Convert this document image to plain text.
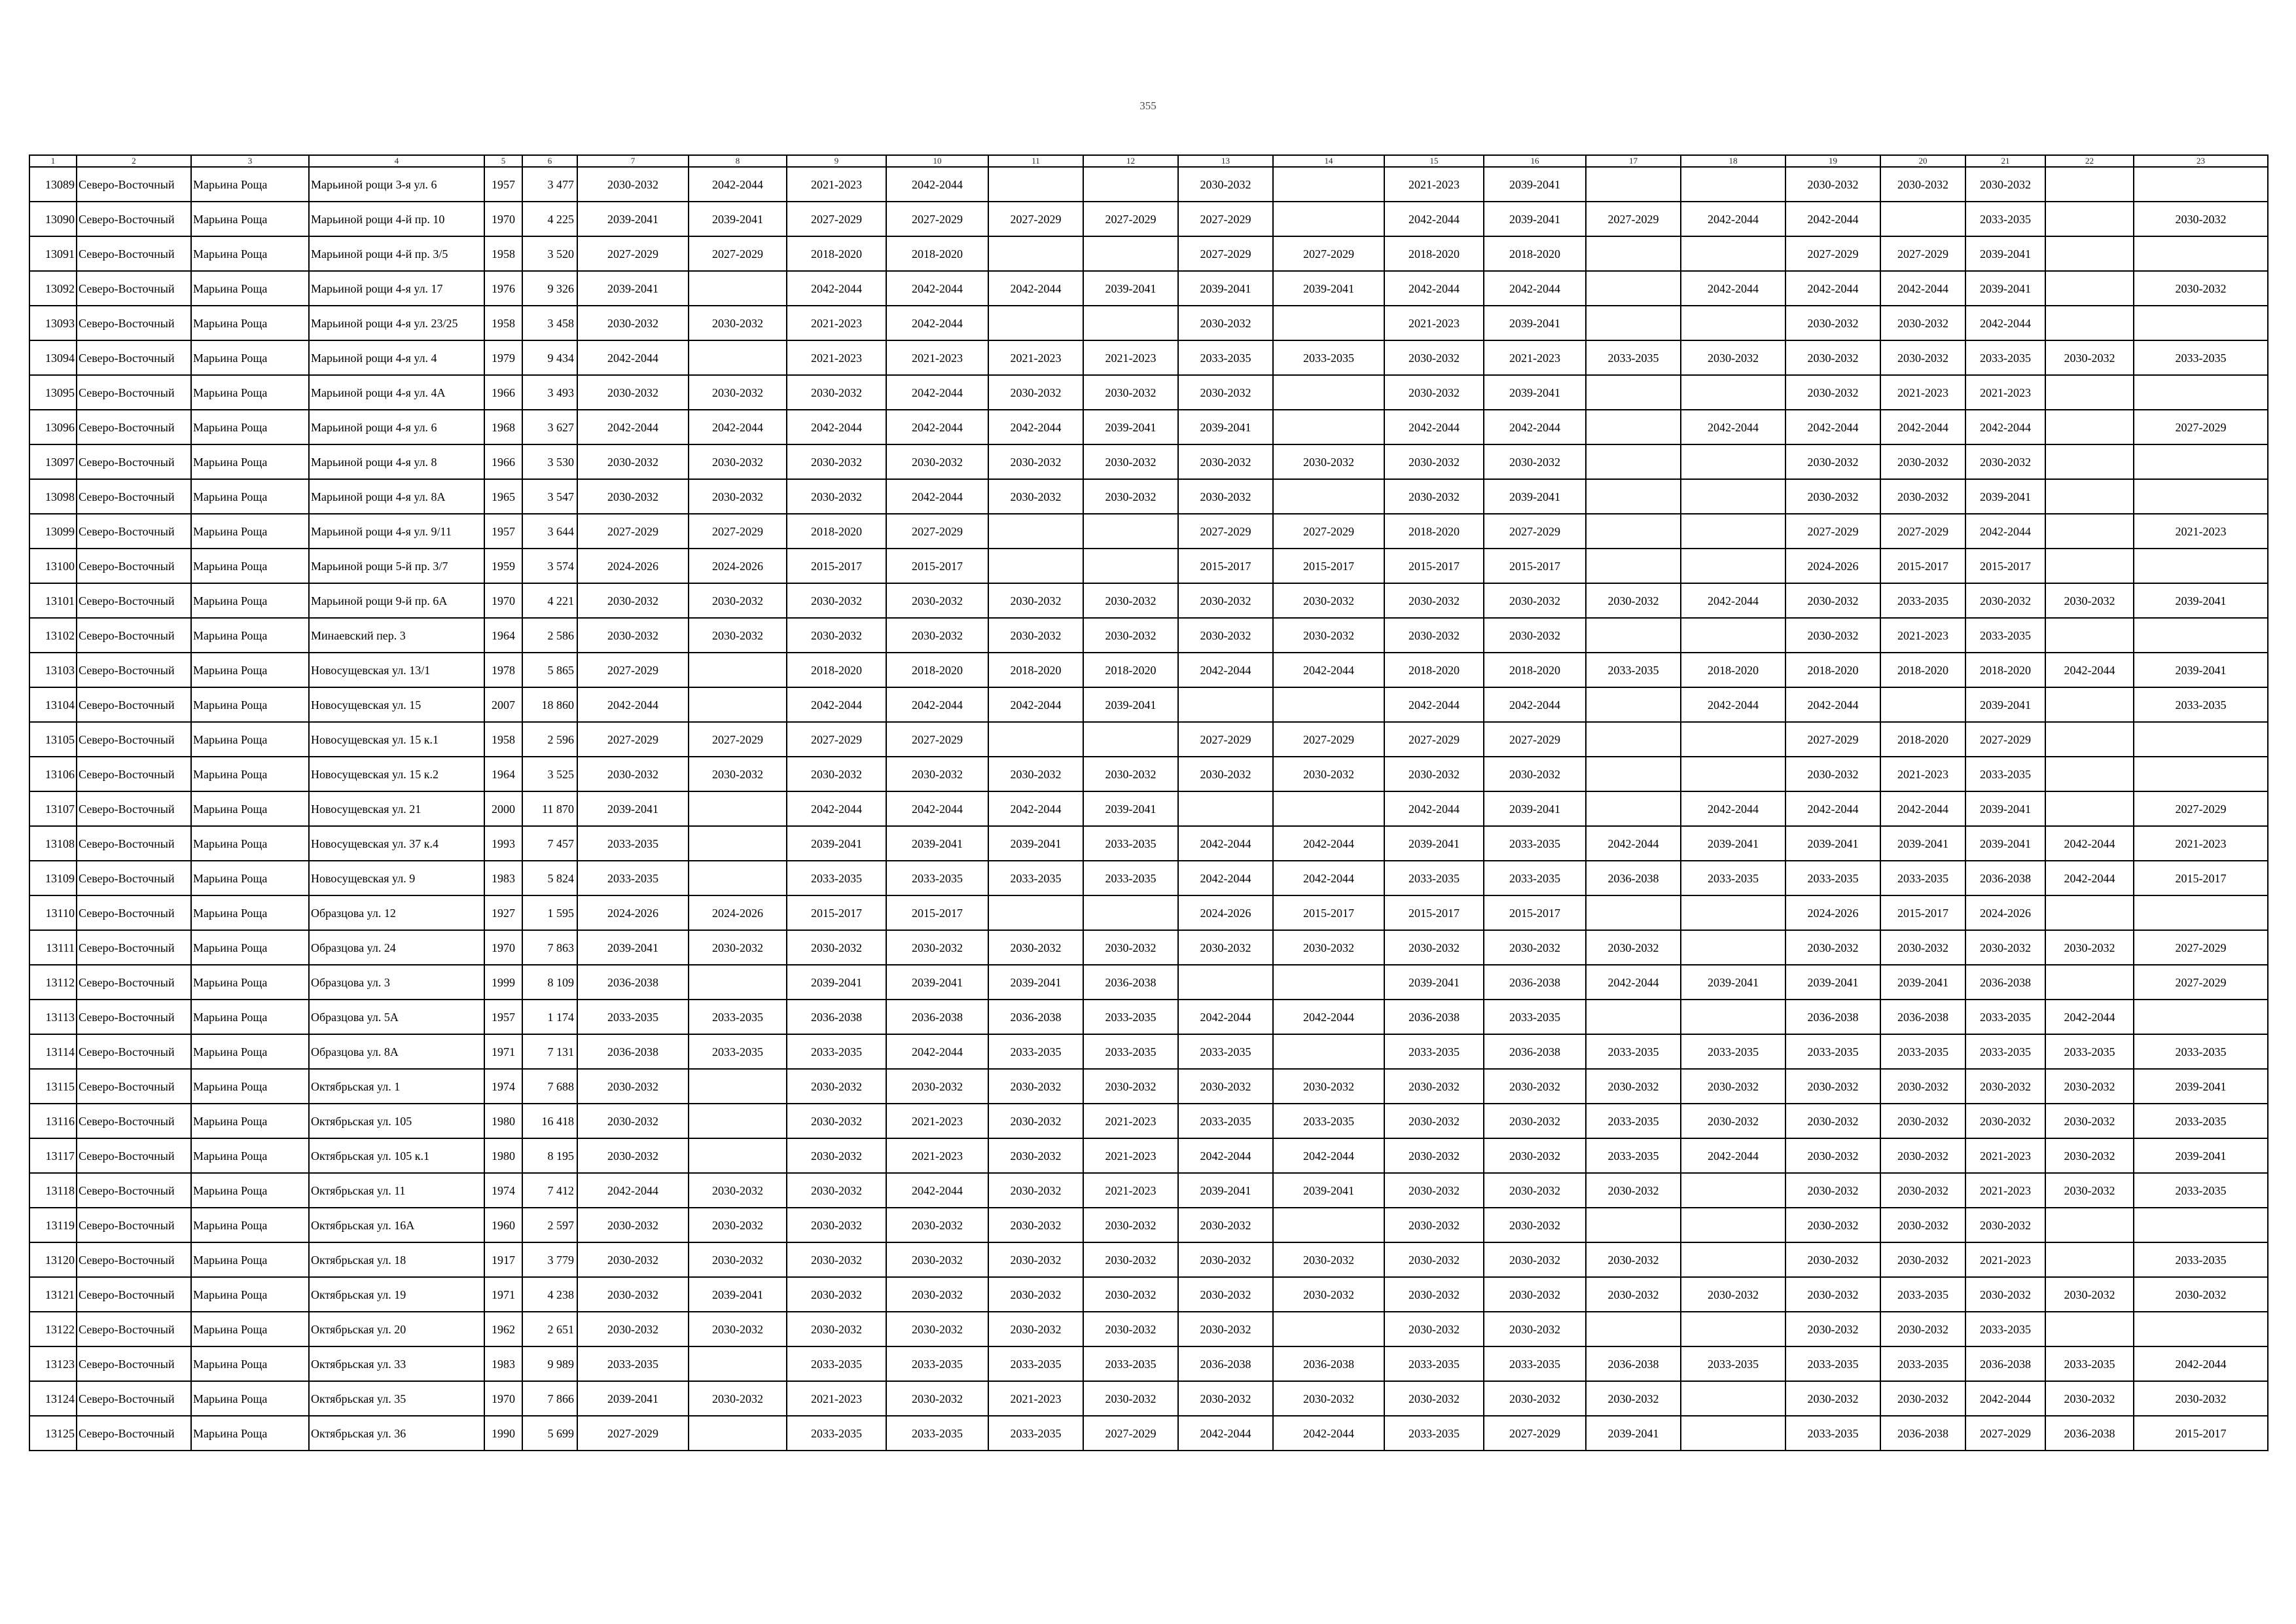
355
1	2	3	4	5	6	7	8	9	10	11	12	13	14	15	16	17	18	19	20	21	22	23
13089	Северо-Восточный	Марьина Роща	Марьиной рощи 3-я ул. 6	1957	3 477	2030-2032	2042-2044	2021-2023	2042-2044			2030-2032		2021-2023	2039-2041			2030-2032	2030-2032	2030-2032		
13090	Северо-Восточный	Марьина Роща	Марьиной рощи 4-й пр. 10	1970	4 225	2039-2041	2039-2041	2027-2029	2027-2029	2027-2029	2027-2029	2027-2029		2042-2044	2039-2041	2027-2029	2042-2044	2042-2044		2033-2035		2030-2032
13091	Северо-Восточный	Марьина Роща	Марьиной рощи 4-й пр. 3/5	1958	3 520	2027-2029	2027-2029	2018-2020	2018-2020			2027-2029	2027-2029	2018-2020	2018-2020			2027-2029	2027-2029	2039-2041		
13092	Северо-Восточный	Марьина Роща	Марьиной рощи 4-я ул. 17	1976	9 326	2039-2041		2042-2044	2042-2044	2042-2044	2039-2041	2039-2041	2039-2041	2042-2044	2042-2044		2042-2044	2042-2044	2042-2044	2039-2041		2030-2032
13093	Северо-Восточный	Марьина Роща	Марьиной рощи 4-я ул. 23/25	1958	3 458	2030-2032	2030-2032	2021-2023	2042-2044			2030-2032		2021-2023	2039-2041			2030-2032	2030-2032	2042-2044		
13094	Северо-Восточный	Марьина Роща	Марьиной рощи 4-я ул. 4	1979	9 434	2042-2044		2021-2023	2021-2023	2021-2023	2021-2023	2033-2035	2033-2035	2030-2032	2021-2023	2033-2035	2030-2032	2030-2032	2030-2032	2033-2035	2030-2032	2033-2035
13095	Северо-Восточный	Марьина Роща	Марьиной рощи 4-я ул. 4А	1966	3 493	2030-2032	2030-2032	2030-2032	2042-2044	2030-2032	2030-2032	2030-2032		2030-2032	2039-2041			2030-2032	2021-2023	2021-2023		
13096	Северо-Восточный	Марьина Роща	Марьиной рощи 4-я ул. 6	1968	3 627	2042-2044	2042-2044	2042-2044	2042-2044	2042-2044	2039-2041	2039-2041		2042-2044	2042-2044		2042-2044	2042-2044	2042-2044	2042-2044		2027-2029
13097	Северо-Восточный	Марьина Роща	Марьиной рощи 4-я ул. 8	1966	3 530	2030-2032	2030-2032	2030-2032	2030-2032	2030-2032	2030-2032	2030-2032	2030-2032	2030-2032	2030-2032			2030-2032	2030-2032	2030-2032		
13098	Северо-Восточный	Марьина Роща	Марьиной рощи 4-я ул. 8А	1965	3 547	2030-2032	2030-2032	2030-2032	2042-2044	2030-2032	2030-2032	2030-2032		2030-2032	2039-2041			2030-2032	2030-2032	2039-2041		
13099	Северо-Восточный	Марьина Роща	Марьиной рощи 4-я ул. 9/11	1957	3 644	2027-2029	2027-2029	2018-2020	2027-2029			2027-2029	2027-2029	2018-2020	2027-2029			2027-2029	2027-2029	2042-2044		2021-2023
13100	Северо-Восточный	Марьина Роща	Марьиной рощи 5-й пр. 3/7	1959	3 574	2024-2026	2024-2026	2015-2017	2015-2017			2015-2017	2015-2017	2015-2017	2015-2017			2024-2026	2015-2017	2015-2017		
13101	Северо-Восточный	Марьина Роща	Марьиной рощи 9-й пр. 6А	1970	4 221	2030-2032	2030-2032	2030-2032	2030-2032	2030-2032	2030-2032	2030-2032	2030-2032	2030-2032	2030-2032	2030-2032	2042-2044	2030-2032	2033-2035	2030-2032	2030-2032	2039-2041
13102	Северо-Восточный	Марьина Роща	Минаевский пер. 3	1964	2 586	2030-2032	2030-2032	2030-2032	2030-2032	2030-2032	2030-2032	2030-2032	2030-2032	2030-2032	2030-2032			2030-2032	2021-2023	2033-2035		
13103	Северо-Восточный	Марьина Роща	Новосущевская ул. 13/1	1978	5 865	2027-2029		2018-2020	2018-2020	2018-2020	2018-2020	2042-2044	2042-2044	2018-2020	2018-2020	2033-2035	2018-2020	2018-2020	2018-2020	2018-2020	2042-2044	2039-2041
13104	Северо-Восточный	Марьина Роща	Новосущевская ул. 15	2007	18 860	2042-2044		2042-2044	2042-2044	2042-2044	2039-2041			2042-2044	2042-2044		2042-2044	2042-2044		2039-2041		2033-2035
13105	Северо-Восточный	Марьина Роща	Новосущевская ул. 15 к.1	1958	2 596	2027-2029	2027-2029	2027-2029	2027-2029			2027-2029	2027-2029	2027-2029	2027-2029			2027-2029	2018-2020	2027-2029		
13106	Северо-Восточный	Марьина Роща	Новосущевская ул. 15 к.2	1964	3 525	2030-2032	2030-2032	2030-2032	2030-2032	2030-2032	2030-2032	2030-2032	2030-2032	2030-2032	2030-2032			2030-2032	2021-2023	2033-2035		
13107	Северо-Восточный	Марьина Роща	Новосущевская ул. 21	2000	11 870	2039-2041		2042-2044	2042-2044	2042-2044	2039-2041			2042-2044	2039-2041		2042-2044	2042-2044	2042-2044	2039-2041		2027-2029
13108	Северо-Восточный	Марьина Роща	Новосущевская ул. 37 к.4	1993	7 457	2033-2035		2039-2041	2039-2041	2039-2041	2033-2035	2042-2044	2042-2044	2039-2041	2033-2035	2042-2044	2039-2041	2039-2041	2039-2041	2039-2041	2042-2044	2021-2023
13109	Северо-Восточный	Марьина Роща	Новосущевская ул. 9	1983	5 824	2033-2035		2033-2035	2033-2035	2033-2035	2033-2035	2042-2044	2042-2044	2033-2035	2033-2035	2036-2038	2033-2035	2033-2035	2033-2035	2036-2038	2042-2044	2015-2017
13110	Северо-Восточный	Марьина Роща	Образцова ул. 12	1927	1 595	2024-2026	2024-2026	2015-2017	2015-2017			2024-2026	2015-2017	2015-2017	2015-2017			2024-2026	2015-2017	2024-2026		
13111	Северо-Восточный	Марьина Роща	Образцова ул. 24	1970	7 863	2039-2041	2030-2032	2030-2032	2030-2032	2030-2032	2030-2032	2030-2032	2030-2032	2030-2032	2030-2032	2030-2032		2030-2032	2030-2032	2030-2032	2030-2032	2027-2029
13112	Северо-Восточный	Марьина Роща	Образцова ул. 3	1999	8 109	2036-2038		2039-2041	2039-2041	2039-2041	2036-2038			2039-2041	2036-2038	2042-2044	2039-2041	2039-2041	2039-2041	2036-2038		2027-2029
13113	Северо-Восточный	Марьина Роща	Образцова ул. 5А	1957	1 174	2033-2035	2033-2035	2036-2038	2036-2038	2036-2038	2033-2035	2042-2044	2042-2044	2036-2038	2033-2035			2036-2038	2036-2038	2033-2035	2042-2044	
13114	Северо-Восточный	Марьина Роща	Образцова ул. 8А	1971	7 131	2036-2038	2033-2035	2033-2035	2042-2044	2033-2035	2033-2035	2033-2035		2033-2035	2036-2038	2033-2035	2033-2035	2033-2035	2033-2035	2033-2035	2033-2035	2033-2035
13115	Северо-Восточный	Марьина Роща	Октябрьская ул. 1	1974	7 688	2030-2032		2030-2032	2030-2032	2030-2032	2030-2032	2030-2032	2030-2032	2030-2032	2030-2032	2030-2032	2030-2032	2030-2032	2030-2032	2030-2032	2030-2032	2039-2041
13116	Северо-Восточный	Марьина Роща	Октябрьская ул. 105	1980	16 418	2030-2032		2030-2032	2021-2023	2030-2032	2021-2023	2033-2035	2033-2035	2030-2032	2030-2032	2033-2035	2030-2032	2030-2032	2030-2032	2030-2032	2030-2032	2033-2035
13117	Северо-Восточный	Марьина Роща	Октябрьская ул. 105 к.1	1980	8 195	2030-2032		2030-2032	2021-2023	2030-2032	2021-2023	2042-2044	2042-2044	2030-2032	2030-2032	2033-2035	2042-2044	2030-2032	2030-2032	2021-2023	2030-2032	2039-2041
13118	Северо-Восточный	Марьина Роща	Октябрьская ул. 11	1974	7 412	2042-2044	2030-2032	2030-2032	2042-2044	2030-2032	2021-2023	2039-2041	2039-2041	2030-2032	2030-2032	2030-2032		2030-2032	2030-2032	2021-2023	2030-2032	2033-2035
13119	Северо-Восточный	Марьина Роща	Октябрьская ул. 16А	1960	2 597	2030-2032	2030-2032	2030-2032	2030-2032	2030-2032	2030-2032	2030-2032		2030-2032	2030-2032			2030-2032	2030-2032	2030-2032		
13120	Северо-Восточный	Марьина Роща	Октябрьская ул. 18	1917	3 779	2030-2032	2030-2032	2030-2032	2030-2032	2030-2032	2030-2032	2030-2032	2030-2032	2030-2032	2030-2032	2030-2032		2030-2032	2030-2032	2021-2023		2033-2035
13121	Северо-Восточный	Марьина Роща	Октябрьская ул. 19	1971	4 238	2030-2032	2039-2041	2030-2032	2030-2032	2030-2032	2030-2032	2030-2032	2030-2032	2030-2032	2030-2032	2030-2032	2030-2032	2030-2032	2033-2035	2030-2032	2030-2032	2030-2032
13122	Северо-Восточный	Марьина Роща	Октябрьская ул. 20	1962	2 651	2030-2032	2030-2032	2030-2032	2030-2032	2030-2032	2030-2032	2030-2032		2030-2032	2030-2032			2030-2032	2030-2032	2033-2035		
13123	Северо-Восточный	Марьина Роща	Октябрьская ул. 33	1983	9 989	2033-2035		2033-2035	2033-2035	2033-2035	2033-2035	2036-2038	2036-2038	2033-2035	2033-2035	2036-2038	2033-2035	2033-2035	2033-2035	2036-2038	2033-2035	2042-2044
13124	Северо-Восточный	Марьина Роща	Октябрьская ул. 35	1970	7 866	2039-2041	2030-2032	2021-2023	2030-2032	2021-2023	2030-2032	2030-2032	2030-2032	2030-2032	2030-2032	2030-2032		2030-2032	2030-2032	2042-2044	2030-2032	2030-2032
13125	Северо-Восточный	Марьина Роща	Октябрьская ул. 36	1990	5 699	2027-2029		2033-2035	2033-2035	2033-2035	2027-2029	2042-2044	2042-2044	2033-2035	2027-2029	2039-2041		2033-2035	2036-2038	2027-2029	2036-2038	2015-2017
